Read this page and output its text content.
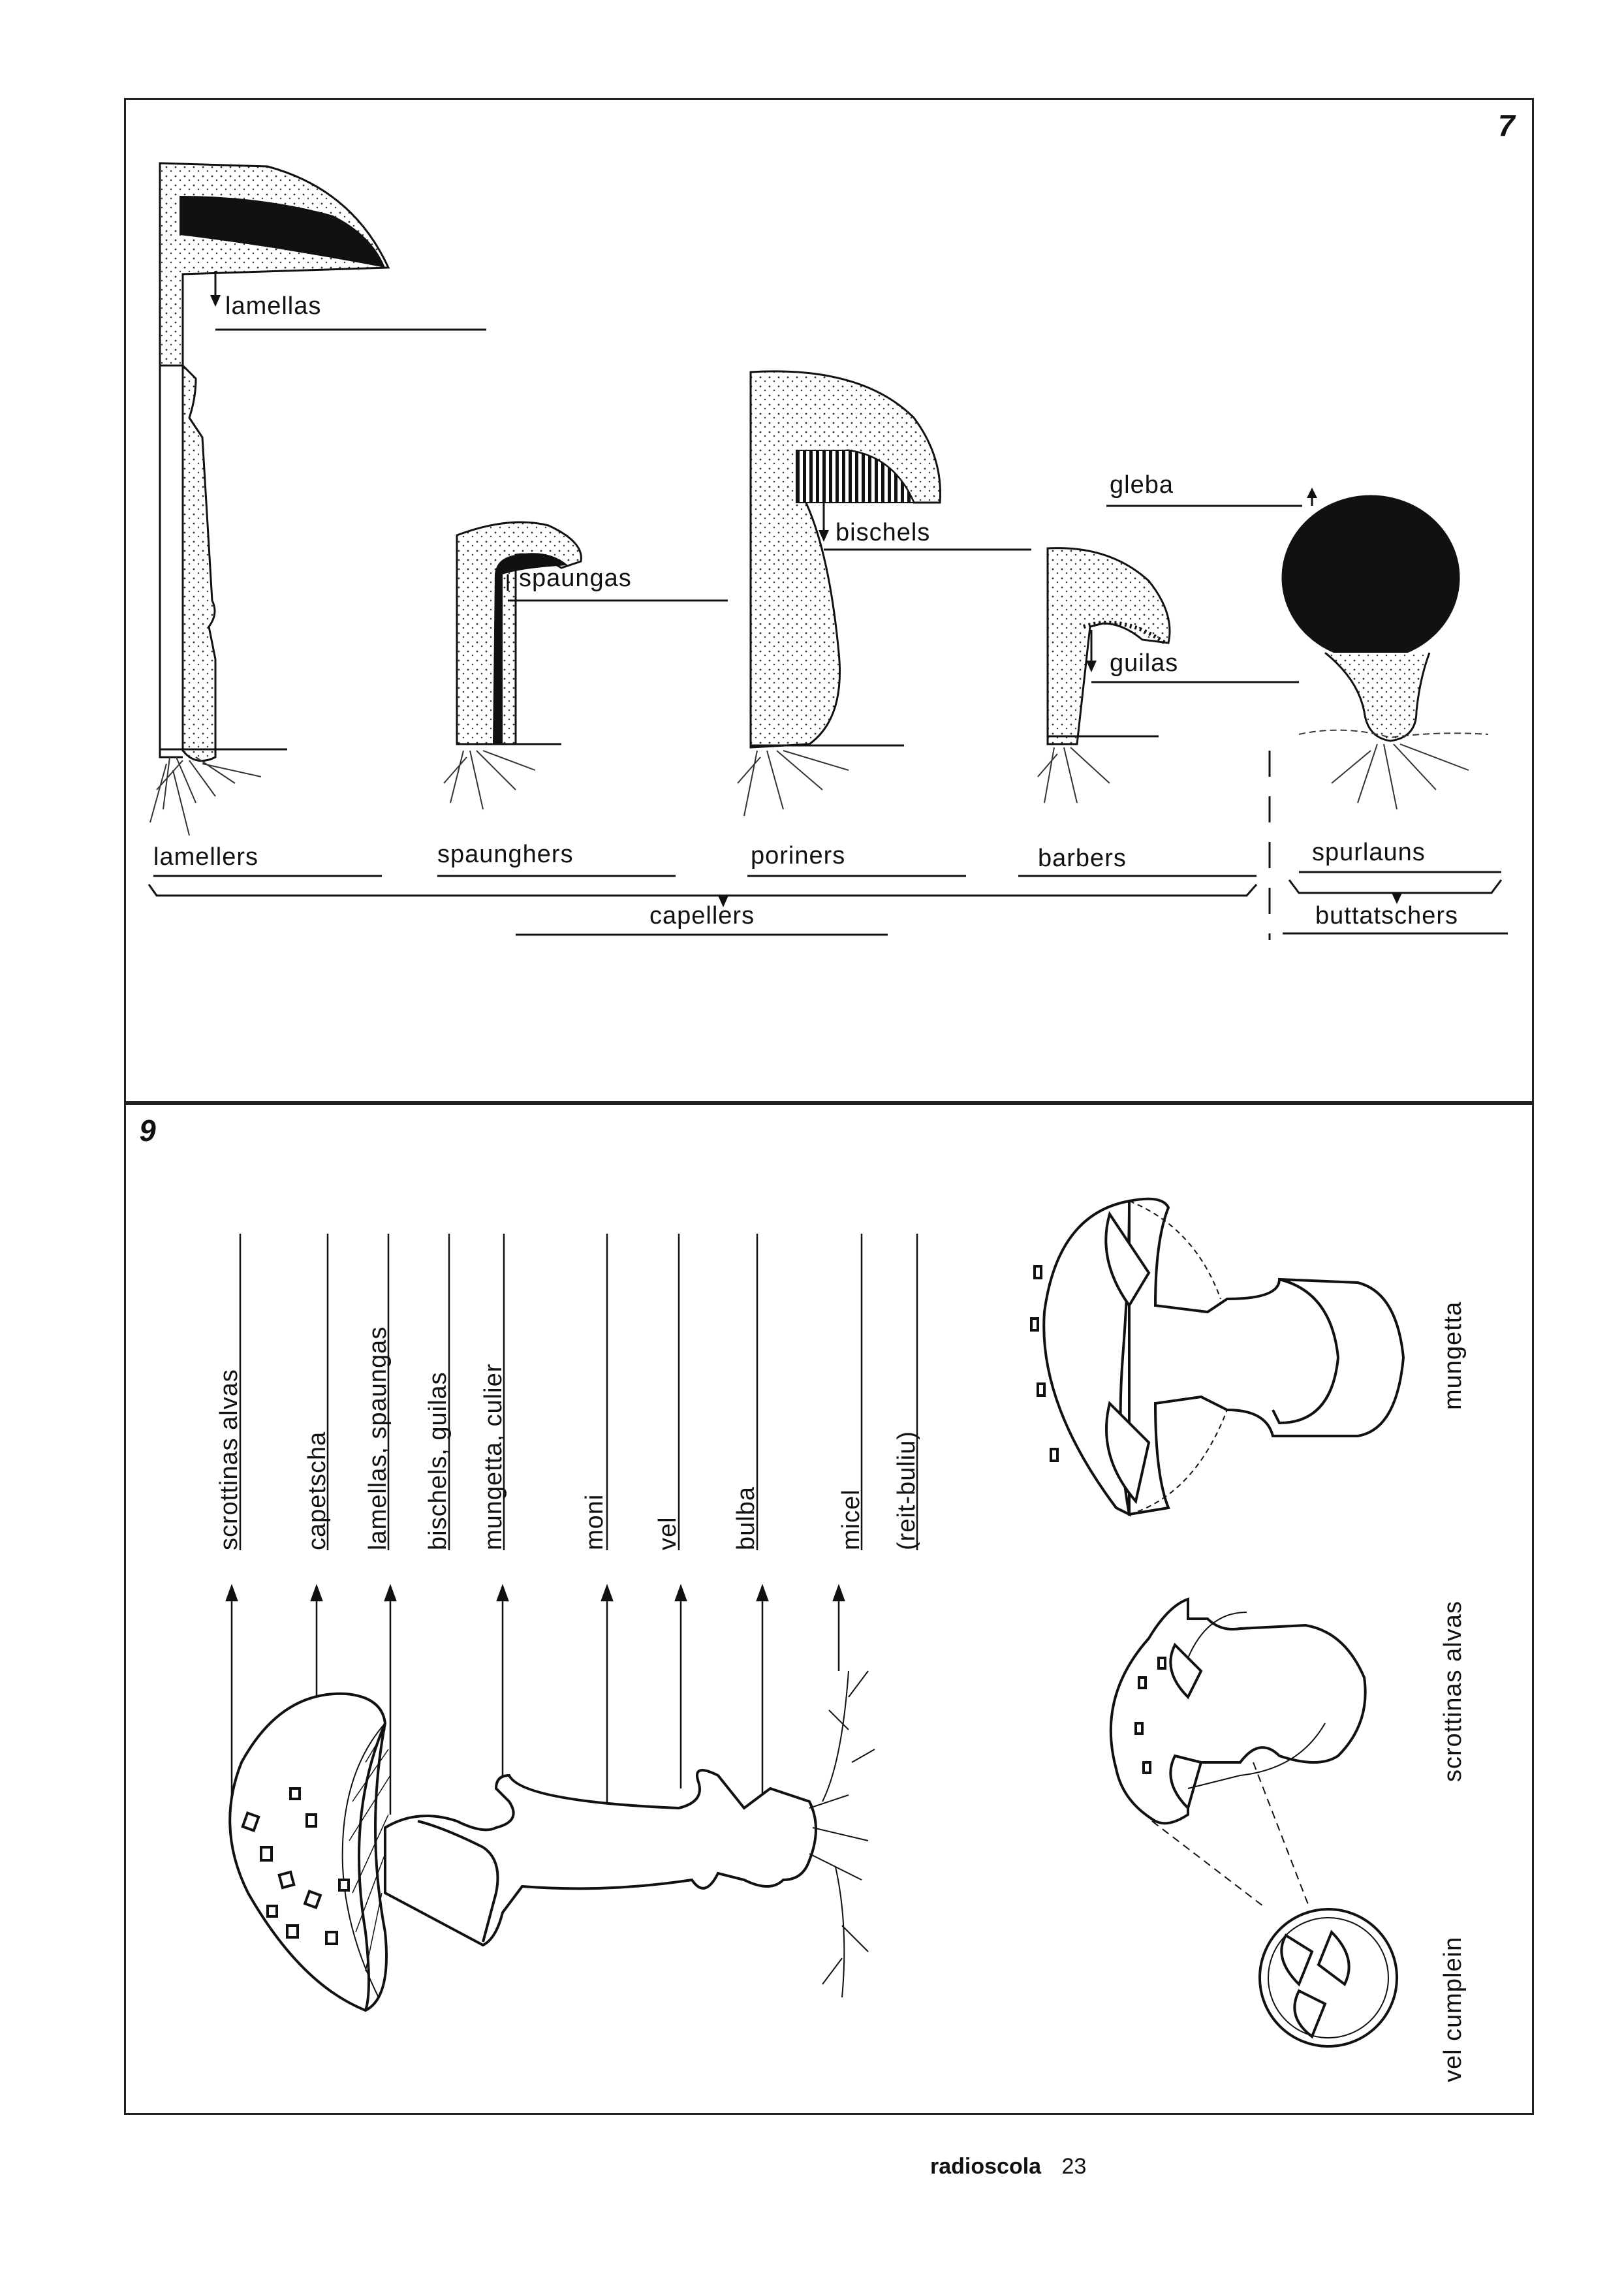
7
6
lamellas
spaungas
bischels
gleba
guilas
lamellers	spaunghers	poriners	barbers	spurlauns
capellers	buttatschers
scrottinas alvas capetscha lamellas, spaungas bischels, guilas mungetta, culier	moni vel bulba	micel (reit-buliu)
mungetta
scrottinas alvas
vel cumplein
radioscola 23
